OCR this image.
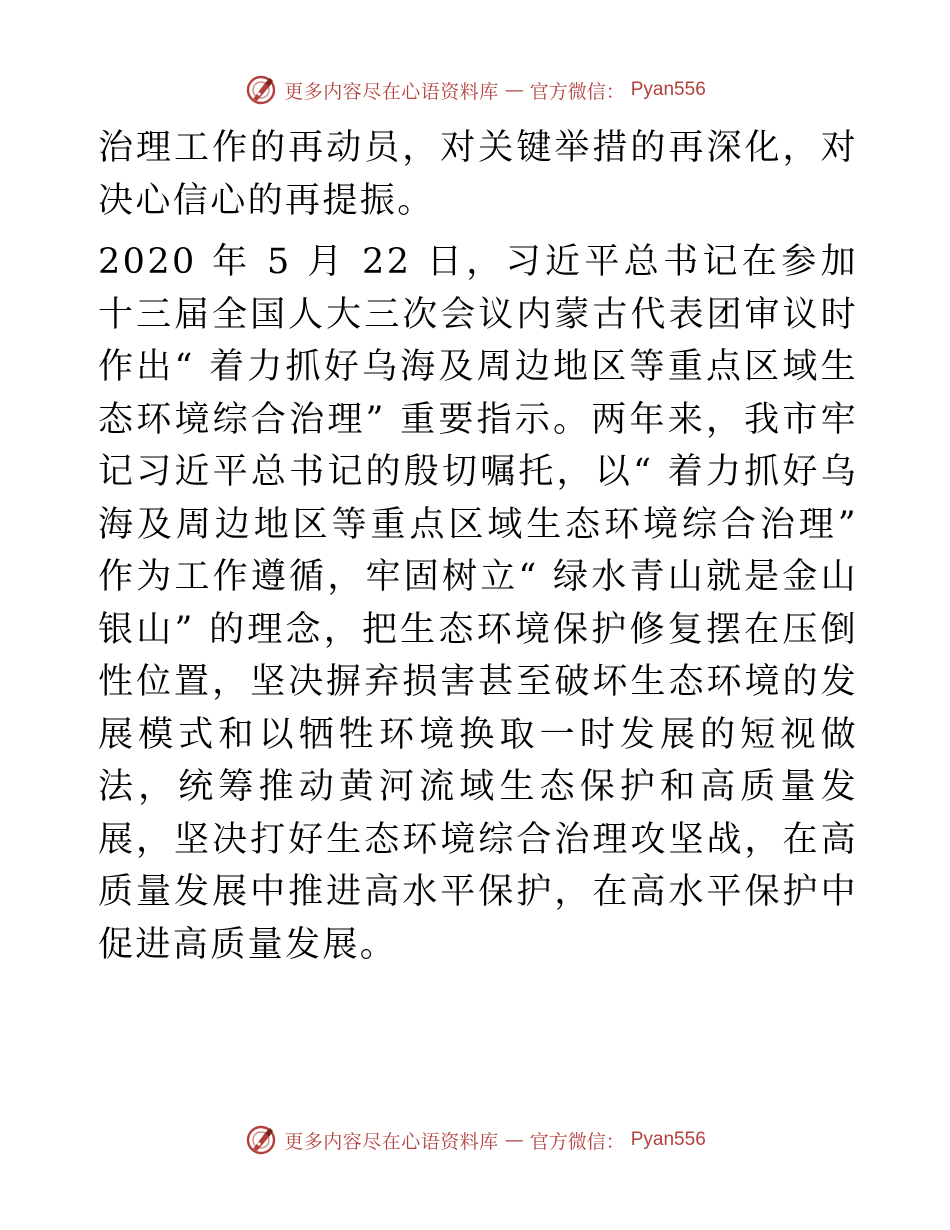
更多内容尽在心语资料库 — 官方微信： Pyan556

治理工作的再动员，对关键举措的再深化，对决心信心的再提振。

2020 年 5 月 22 日，习近平总书记在参加十三届全国人大三次会议内蒙古代表团审议时作出“ 着力抓好乌海及周边地区等重点区域生态环境综合治理” 重要指示。两年来，我市牢记习近平总书记的殷切嘱托，以“ 着力抓好乌海及周边地区等重点区域生态环境综合治理” 作为工作遵循，牢固树立“ 绿水青山就是金山银山” 的理念，把生态环境保护修复摆在压倒性位置，坚决摒弃损害甚至破坏生态环境的发展模式和以牺牲环境换取一时发展的短视做法，统筹推动黄河流域生态保护和高质量发展，坚决打好生态环境综合治理攻坚战，在高质量发展中推进高水平保护，在高水平保护中促进高质量发展。

更多内容尽在心语资料库 — 官方微信： Pyan556
